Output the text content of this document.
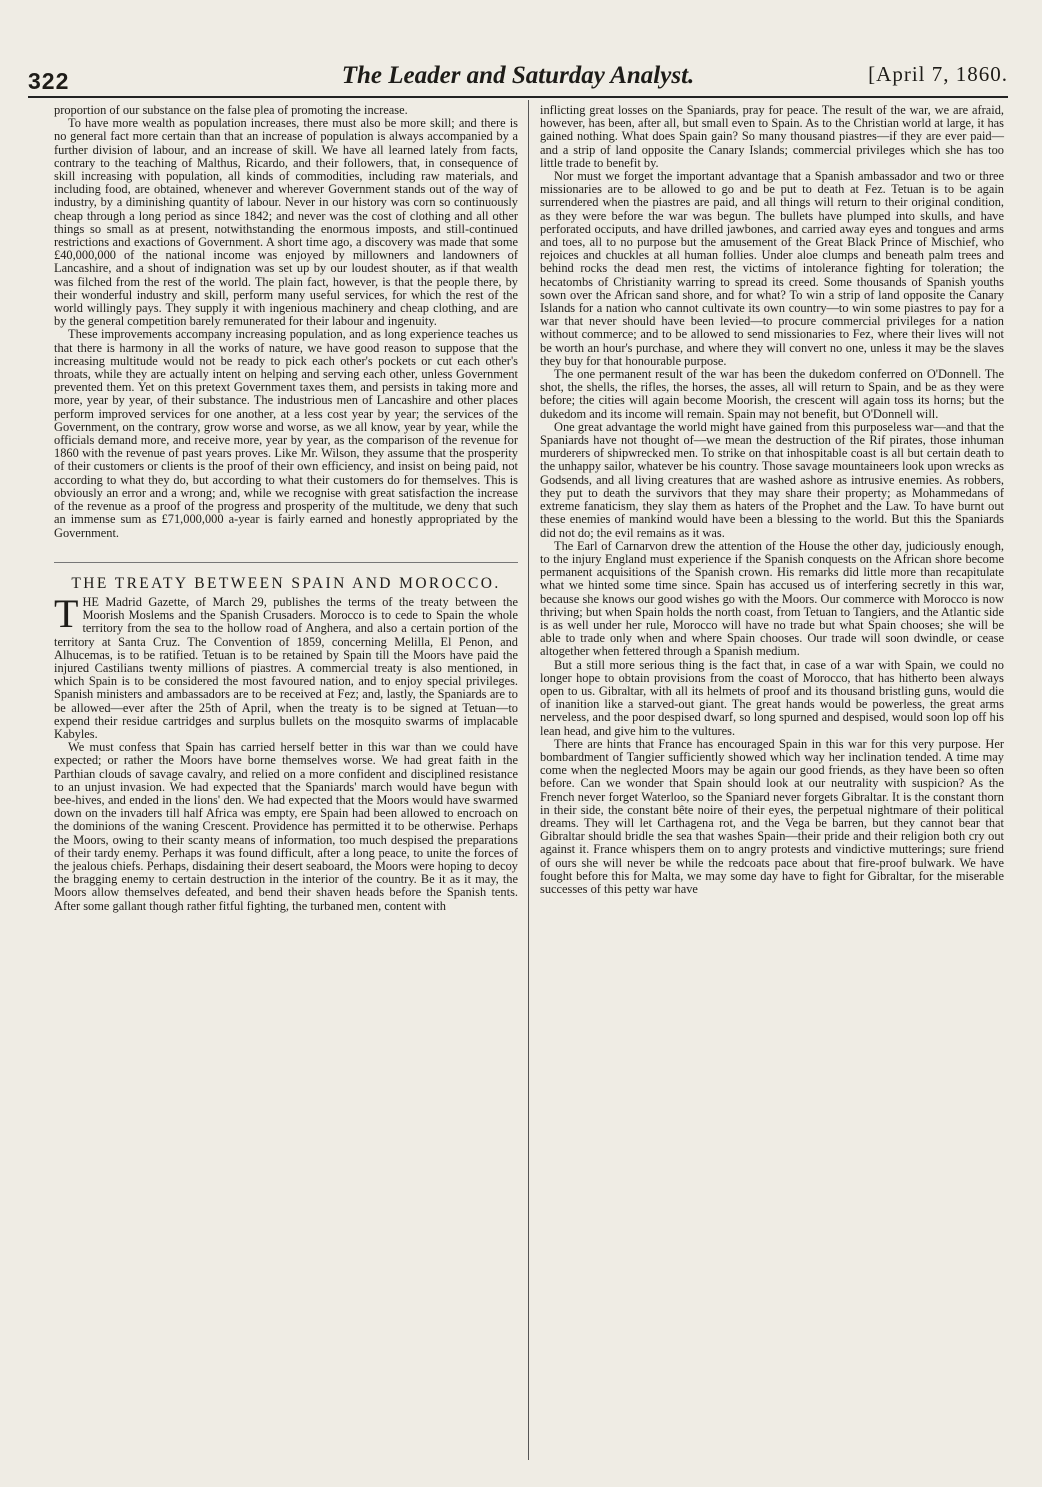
322	The Leader and Saturday Analyst.	[April 7, 1860.

proportion of our substance on the false plea of promoting the increase.

To have more wealth as population increases, there must also be more skill; and there is no general fact more certain than that an increase of population is always accompanied by a further division of labour, and an increase of skill. We have all learned lately from facts, contrary to the teaching of Malthus, Ricardo, and their followers, that, in consequence of skill increasing with population, all kinds of commodities, including raw materials, and including food, are obtained, whenever and wherever Government stands out of the way of industry, by a diminishing quantity of labour. Never in our history was corn so continuously cheap through a long period as since 1842; and never was the cost of clothing and all other things so small as at present, notwithstanding the enormous imposts, and still-continued restrictions and exactions of Government. A short time ago, a discovery was made that some £40,000,000 of the national income was enjoyed by millowners and landowners of Lancashire, and a shout of indignation was set up by our loudest shouter, as if that wealth was filched from the rest of the world. The plain fact, however, is that the people there, by their wonderful industry and skill, perform many useful services, for which the rest of the world willingly pays. They supply it with ingenious machinery and cheap clothing, and are by the general competition barely remunerated for their labour and ingenuity.

These improvements accompany increasing population, and as long experience teaches us that there is harmony in all the works of nature, we have good reason to suppose that the increasing multitude would not be ready to pick each other's pockets or cut each other's throats, while they are actually intent on helping and serving each other, unless Government prevented them. Yet on this pretext Government taxes them, and persists in taking more and more, year by year, of their substance. The industrious men of Lancashire and other places perform improved services for one another, at a less cost year by year; the services of the Government, on the contrary, grow worse and worse, as we all know, year by year, while the officials demand more, and receive more, year by year, as the comparison of the revenue for 1860 with the revenue of past years proves. Like Mr. Wilson, they assume that the prosperity of their customers or clients is the proof of their own efficiency, and insist on being paid, not according to what they do, but according to what their customers do for themselves. This is obviously an error and a wrong; and, while we recognise with great satisfaction the increase of the revenue as a proof of the progress and prosperity of the multitude, we deny that such an immense sum as £71,000,000 a-year is fairly earned and honestly appropriated by the Government.

THE TREATY BETWEEN SPAIN AND MOROCCO.

THE Madrid Gazette, of March 29, publishes the terms of the treaty between the Moorish Moslems and the Spanish Crusaders. Morocco is to cede to Spain the whole territory from the sea to the hollow road of Anghera, and also a certain portion of the territory at Santa Cruz. The Convention of 1859, concerning Melilla, El Penon, and Alhucemas, is to be ratified. Tetuan is to be retained by Spain till the Moors have paid the injured Castilians twenty millions of piastres. A commercial treaty is also mentioned, in which Spain is to be considered the most favoured nation, and to enjoy special privileges. Spanish ministers and ambassadors are to be received at Fez; and, lastly, the Spaniards are to be allowed—ever after the 25th of April, when the treaty is to be signed at Tetuan—to expend their residue cartridges and surplus bullets on the mosquito swarms of implacable Kabyles.

We must confess that Spain has carried herself better in this war than we could have expected; or rather the Moors have borne themselves worse. We had great faith in the Parthian clouds of savage cavalry, and relied on a more confident and disciplined resistance to an unjust invasion. We had expected that the Spaniards' march would have begun with bee-hives, and ended in the lions' den. We had expected that the Moors would have swarmed down on the invaders till half Africa was empty, ere Spain had been allowed to encroach on the dominions of the waning Crescent. Providence has permitted it to be otherwise. Perhaps the Moors, owing to their scanty means of information, too much despised the preparations of their tardy enemy. Perhaps it was found difficult, after a long peace, to unite the forces of the jealous chiefs. Perhaps, disdaining their desert seaboard, the Moors were hoping to decoy the bragging enemy to certain destruction in the interior of the country. Be it as it may, the Moors allow themselves defeated, and bend their shaven heads before the Spanish tents. After some gallant though rather fitful fighting, the turbaned men, content with

inflicting great losses on the Spaniards, pray for peace. The result of the war, we are afraid, however, has been, after all, but small even to Spain. As to the Christian world at large, it has gained nothing. What does Spain gain? So many thousand piastres—if they are ever paid—and a strip of land opposite the Canary Islands; commercial privileges which she has too little trade to benefit by.

Nor must we forget the important advantage that a Spanish ambassador and two or three missionaries are to be allowed to go and be put to death at Fez. Tetuan is to be again surrendered when the piastres are paid, and all things will return to their original condition, as they were before the war was begun. The bullets have plumped into skulls, and have perforated occiputs, and have drilled jawbones, and carried away eyes and tongues and arms and toes, all to no purpose but the amusement of the Great Black Prince of Mischief, who rejoices and chuckles at all human follies. Under aloe clumps and beneath palm trees and behind rocks the dead men rest, the victims of intolerance fighting for toleration; the hecatombs of Christianity warring to spread its creed. Some thousands of Spanish youths sown over the African sand shore, and for what? To win a strip of land opposite the Canary Islands for a nation who cannot cultivate its own country—to win some piastres to pay for a war that never should have been levied—to procure commercial privileges for a nation without commerce; and to be allowed to send missionaries to Fez, where their lives will not be worth an hour's purchase, and where they will convert no one, unless it may be the slaves they buy for that honourable purpose.

The one permanent result of the war has been the dukedom conferred on O'Donnell. The shot, the shells, the rifles, the horses, the asses, all will return to Spain, and be as they were before; the cities will again become Moorish, the crescent will again toss its horns; but the dukedom and its income will remain. Spain may not benefit, but O'Donnell will.

One great advantage the world might have gained from this purposeless war—and that the Spaniards have not thought of—we mean the destruction of the Rif pirates, those inhuman murderers of shipwrecked men. To strike on that inhospitable coast is all but certain death to the unhappy sailor, whatever be his country. Those savage mountaineers look upon wrecks as Godsends, and all living creatures that are washed ashore as intrusive enemies. As robbers, they put to death the survivors that they may share their property; as Mohammedans of extreme fanaticism, they slay them as haters of the Prophet and the Law. To have burnt out these enemies of mankind would have been a blessing to the world. But this the Spaniards did not do; the evil remains as it was.

The Earl of Carnarvon drew the attention of the House the other day, judiciously enough, to the injury England must experience if the Spanish conquests on the African shore become permanent acquisitions of the Spanish crown. His remarks did little more than recapitulate what we hinted some time since. Spain has accused us of interfering secretly in this war, because she knows our good wishes go with the Moors. Our commerce with Morocco is now thriving; but when Spain holds the north coast, from Tetuan to Tangiers, and the Atlantic side is as well under her rule, Morocco will have no trade but what Spain chooses; she will be able to trade only when and where Spain chooses. Our trade will soon dwindle, or cease altogether when fettered through a Spanish medium.

But a still more serious thing is the fact that, in case of a war with Spain, we could no longer hope to obtain provisions from the coast of Morocco, that has hitherto been always open to us. Gibraltar, with all its helmets of proof and its thousand bristling guns, would die of inanition like a starved-out giant. The great hands would be powerless, the great arms nerveless, and the poor despised dwarf, so long spurned and despised, would soon lop off his lean head, and give him to the vultures.

There are hints that France has encouraged Spain in this war for this very purpose. Her bombardment of Tangier sufficiently showed which way her inclination tended. A time may come when the neglected Moors may be again our good friends, as they have been so often before. Can we wonder that Spain should look at our neutrality with suspicion? As the French never forget Waterloo, so the Spaniard never forgets Gibraltar. It is the constant thorn in their side, the constant bête noire of their eyes, the perpetual nightmare of their political dreams. They will let Carthagena rot, and the Vega be barren, but they cannot bear that Gibraltar should bridle the sea that washes Spain—their pride and their religion both cry out against it. France whispers them on to angry protests and vindictive mutterings; sure friend of ours she will never be while the redcoats pace about that fire-proof bulwark. We have fought before this for Malta, we may some day have to fight for Gibraltar, for the miserable successes of this petty war have
